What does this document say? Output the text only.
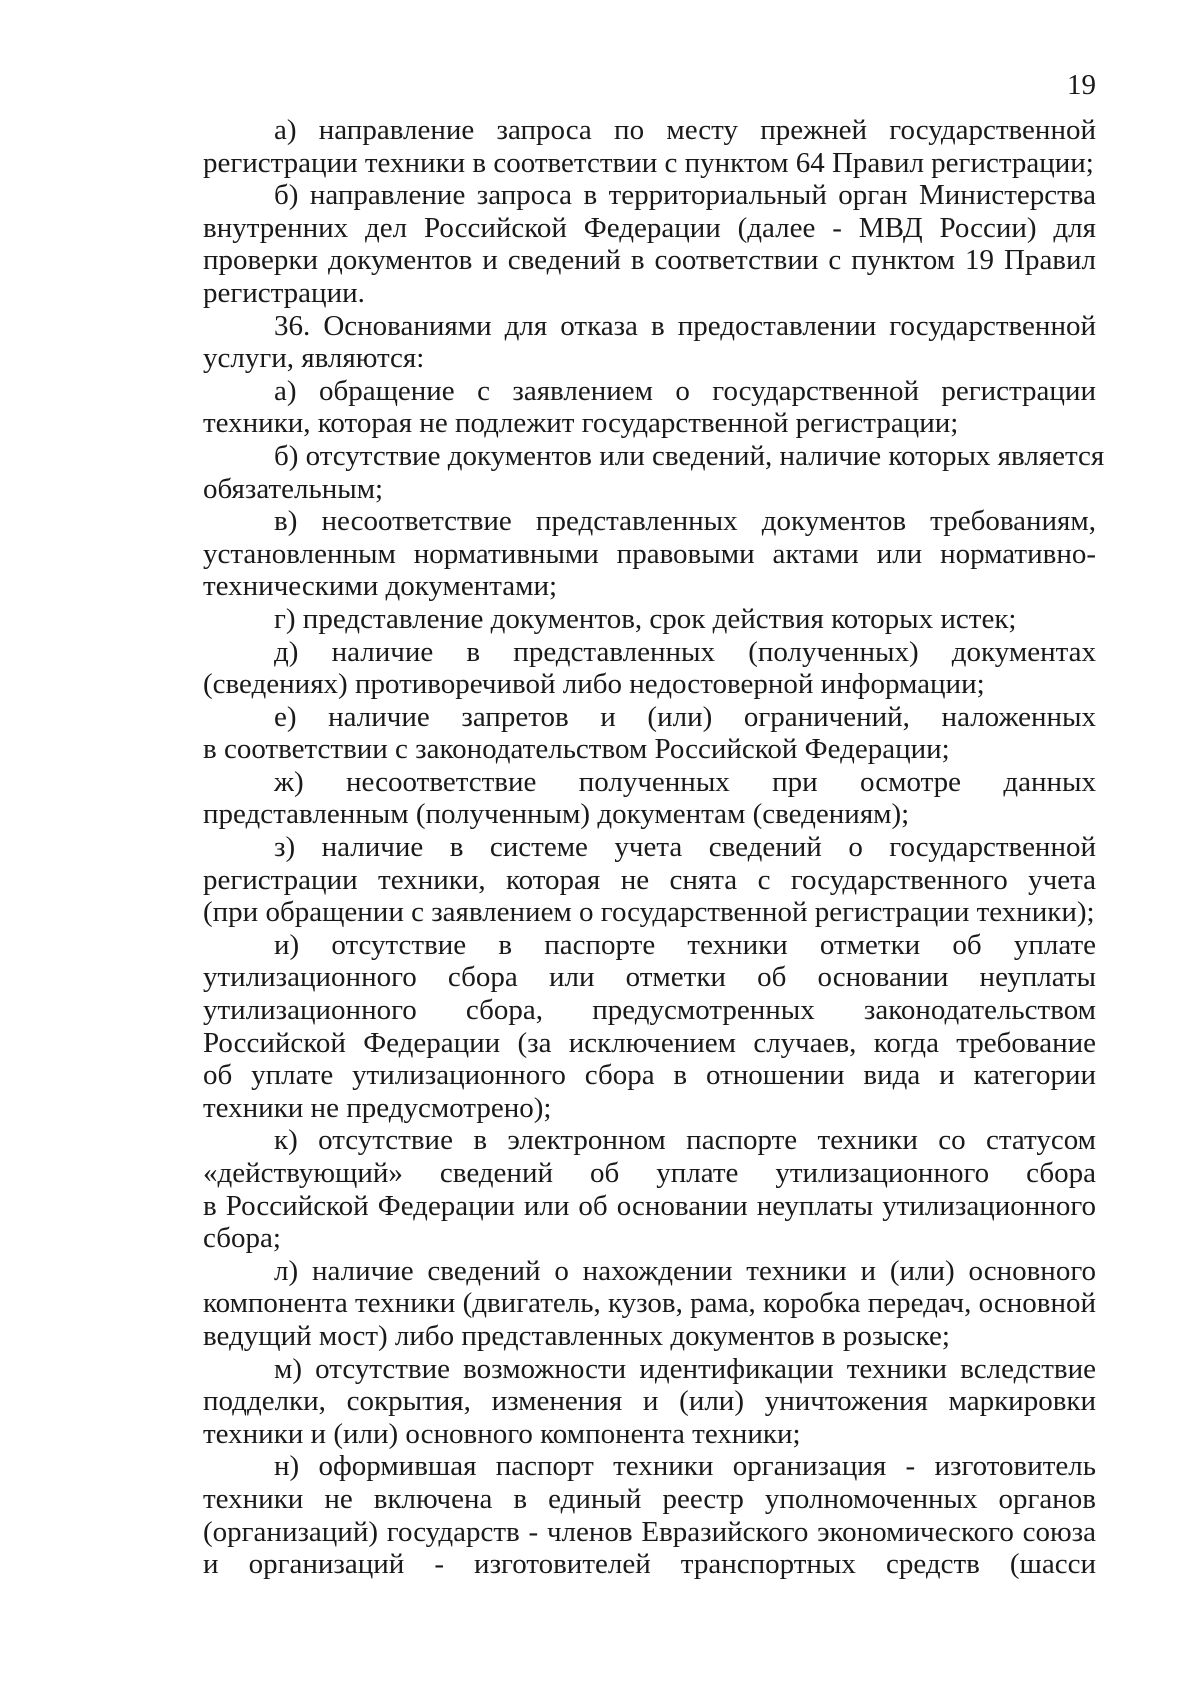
19

а) направление запроса по месту прежней государственной
регистрации техники в соответствии с пунктом 64 Правил регистрации;

б) направление запроса в территориальный орган Министерства
внутренних дел Российской Федерации (далее - МВД России) для
проверки документов и сведений в соответствии с пунктом 19 Правил
регистрации.

36. Основаниями для отказа в предоставлении государственной
услуги, являются:

а) обращение с заявлением о государственной регистрации
техники, которая не подлежит государственной регистрации;

б) отсутствие документов или сведений, наличие которых является
обязательным;

в) несоответствие представленных документов требованиям,
установленным нормативными правовыми актами или нормативно-
техническими документами;

г) представление документов, срок действия которых истек;

д) наличие в представленных (полученных) документах
(сведениях) противоречивой либо недостоверной информации;

е) наличие запретов и (или) ограничений, наложенных
в соответствии с законодательством Российской Федерации;

ж) несоответствие полученных при осмотре данных
представленным (полученным) документам (сведениям);

з) наличие в системе учета сведений о государственной
регистрации техники, которая не снята с государственного учета
(при обращении с заявлением о государственной регистрации техники);

и) отсутствие в паспорте техники отметки об уплате
утилизационного сбора или отметки об основании неуплаты
утилизационного сбора, предусмотренных законодательством
Российской Федерации (за исключением случаев, когда требование
об уплате утилизационного сбора в отношении вида и категории
техники не предусмотрено);

к) отсутствие в электронном паспорте техники со статусом
«действующий» сведений об уплате утилизационного сбора
в Российской Федерации или об основании неуплаты утилизационного
сбора;

л) наличие сведений о нахождении техники и (или) основного
компонента техники (двигатель, кузов, рама, коробка передач, основной
ведущий мост) либо представленных документов в розыске;

м) отсутствие возможности идентификации техники вследствие
подделки, сокрытия, изменения и (или) уничтожения маркировки
техники и (или) основного компонента техники;

н) оформившая паспорт техники организация - изготовитель
техники не включена в единый реестр уполномоченных органов
(организаций) государств - членов Евразийского экономического союза
и организаций - изготовителей транспортных средств (шасси
